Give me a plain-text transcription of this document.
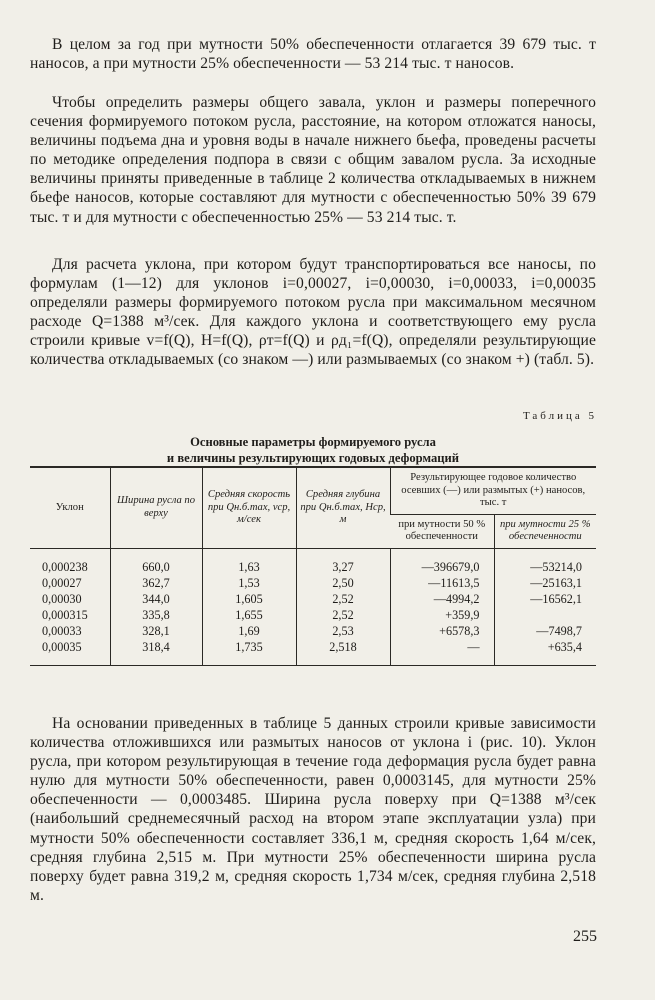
В целом за год при мутности 50% обеспеченности отлагается 39 679 тыс. т наносов, а при мутности 25% обеспеченности — 53 214 тыс. т наносов.

Чтобы определить размеры общего завала, уклон и размеры поперечного сечения формируемого потоком русла, расстояние, на котором отложатся наносы, величины подъема дна и уровня воды в начале нижнего бьефа, проведены расчеты по методике определения подпора в связи с общим завалом русла. За исходные величины приняты приведенные в таблице 2 количества откладываемых в нижнем бьефе наносов, которые составляют для мутности с обеспеченностью 50% 39 679 тыс. т и для мутности с обеспеченностью 25% — 53 214 тыс. т.

Для расчета уклона, при котором будут транспортироваться все наносы, по формулам (1—12) для уклонов i=0,00027, i=0,00030, i=0,00033, i=0,00035 определяли размеры формируемого потоком русла при максимальном месячном расходе Q=1388 м³/сек. Для каждого уклона и соответствующего ему русла строили кривые v=f(Q), H=f(Q), ρт=f(Q) и ρд₁=f(Q), определяли результирующие количества откладываемых (со знаком —) или размываемых (со знаком +) (табл. 5).

Таблица 5
Основные параметры формируемого русла
и величины результирующих годовых деформаций
Уклон	Ширина русла по верху	Средняя скорость при Qн.б.max, vср, м/сек	Средняя глубина при Qн.б.max, Hср, м	Результирующее годовое количество осевших (—) или размытых (+) наносов, тыс. т	
				при мутности 50 % обеспеченности	при мутности 25 % обеспеченности
0,000238	660,0	1,63	3,27	—396679,0	—53214,0
0,00027	362,7	1,53	2,50	—11613,5	—25163,1
0,00030	344,0	1,605	2,52	—4994,2	—16562,1
0,000315	335,8	1,655	2,52	+359,9	
0,00033	328,1	1,69	2,53	+6578,3	—7498,7
0,00035	318,4	1,735	2,518	—	+635,4

На основании приведенных в таблице 5 данных строили кривые зависимости количества отложившихся или размытых наносов от уклона i (рис. 10). Уклон русла, при котором результирующая в течение года деформация русла будет равна нулю для мутности 50% обеспеченности, равен 0,0003145, для мутности 25% обеспеченности — 0,0003485. Ширина русла поверху при Q=1388 м³/сек (наибольший среднемесячный расход на втором этапе эксплуатации узла) при мутности 50% обеспеченности составляет 336,1 м, средняя скорость 1,64 м/сек, средняя глубина 2,515 м. При мутности 25% обеспеченности ширина русла поверху будет равна 319,2 м, средняя скорость 1,734 м/сек, средняя глубина 2,518 м.

255
